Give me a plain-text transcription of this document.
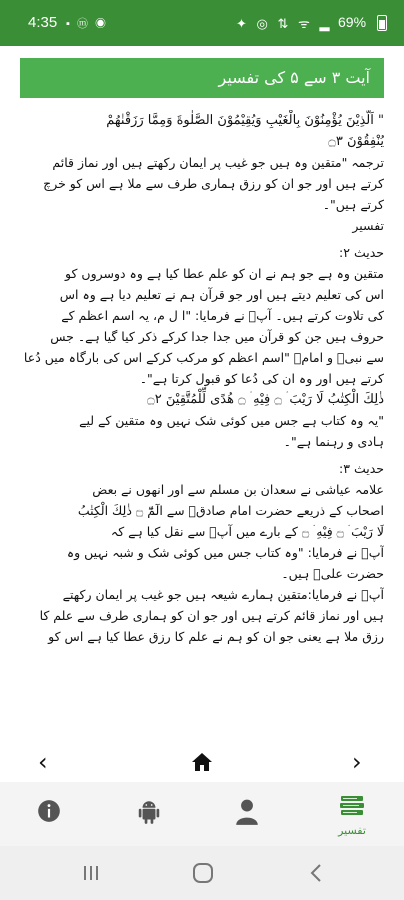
4:35 ▪ ⓜ ◉	✦ ◎ ⇅ ᯤ ▂ 69%
آیت ۳ سے ۵ کی تفسیر

" اَلَّذِيْنَ يُؤْمِنُوْنَ بِالْغَيْبِ وَيُقِيْمُوْنَ الصَّلٰوةَ وَمِمَّا رَزَقْنٰهُمْ

يُنْفِقُوْنَ ۝۳

ترجمہ "متقین وہ ہیں جو غیب پر ایمان رکھتے ہیں اور نماز قائم

کرتے ہیں اور جو ان کو رزق ہماری طرف سے ملا ہے اس کو خرچ

کرتے ہیں"۔

تفسیر

حدیث ۲:

متقین وہ ہے جو ہم نے ان کو علم عطا کیا ہے وہ دوسروں کو

اس کی تعلیم دیتے ہیں اور جو قرآن ہم نے تعلیم دیا ہے وہ اس

کی تلاوت کرتے ہیں۔ آپؑ نے فرمایا: "ا ل م، یہ اسم اعظم کے

حروف ہیں جن کو قرآن میں جدا جدا کرکے ذکر کیا گیا ہے۔ جس

سے نبیؐ و امامؑ "اسم اعظم کو مرکب کرکے اس کی بارگاہ میں دُعا

کرتے ہیں اور وہ ان کی دُعا کو قبول کرتا ہے"۔

ذٰلِكَ الْكِتٰبُ لَا رَيْبَ ۛ ۝ فِيْهِ ۛ ۝ هُدًى لِّلْمُتَّقِيْنَ ۝۲

"یہ وہ کتاب ہے جس میں کوئی شک نہیں وہ متقین کے لیے

ہادی و رہنما ہے"۔

حدیث ۳:

علامہ عیاشی نے سعدان بن مسلم سے اور انھوں نے بعض

اصحاب کے ذریعے حضرت امام صادقؑ سے الٓمّٓ ۝ ذٰلِكَ الْكِتٰبُ

لَا رَيْبَ ۛ ۝ فِيْهِ ۛ ۝ کے بارے میں آپؑ سے نقل کیا ہے کہ

آپؑ نے فرمایا: "وہ کتاب جس میں کوئی شک و شبہ نہیں وہ

حضرت علیؑ ہیں۔

آپؑ نے فرمایا:متقین ہمارے شیعہ ہیں جو غیب پر ایمان رکھتے

ہیں اور نماز قائم کرتے ہیں اور جو ان کو ہماری طرف سے علم کا

رزق ملا ہے یعنی جو ان کو ہم نے علم کا رزق عطا کیا ہے اس کو

‹	›
تفسیر
